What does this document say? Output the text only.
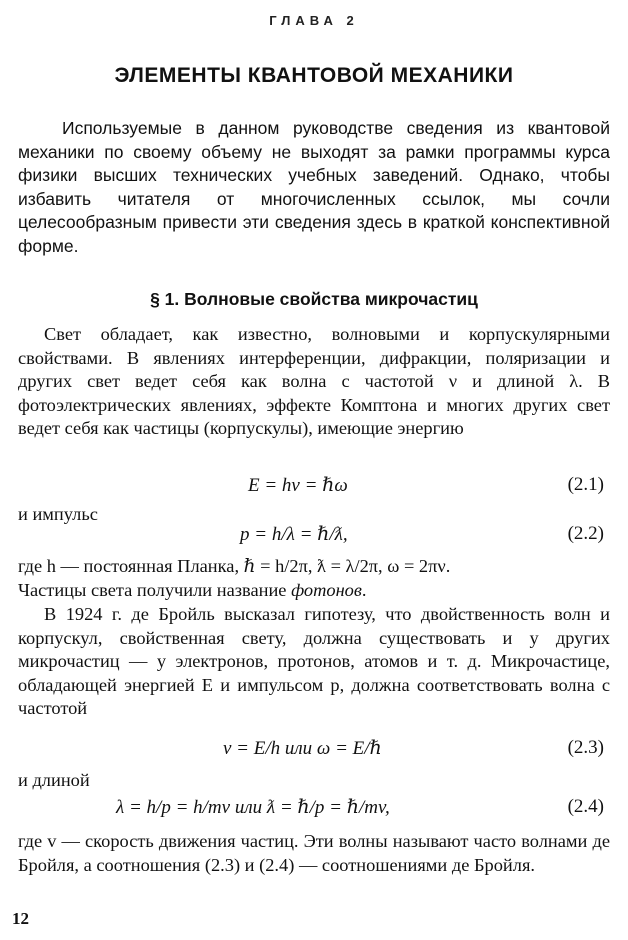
ГЛАВА 2
ЭЛЕМЕНТЫ КВАНТОВОЙ МЕХАНИКИ

Используемые в данном руководстве сведения из квантовой механики по своему объему не выходят за рамки программы курса физики высших технических учебных заведений. Однако, чтобы избавить читателя от многочисленных ссылок, мы сочли целесообразным привести эти сведения здесь в краткой конспективной форме.

§ 1. Волновые свойства микрочастиц

Свет обладает, как известно, волновыми и корпускулярными свойствами. В явлениях интерференции, дифракции, поляризации и других свет ведет себя как волна с частотой ν и длиной λ. В фотоэлектрических явлениях, эффекте Комптона и многих других свет ведет себя как частицы (корпускулы), имеющие энергию

E = hν = ℏω	(2.1)

и импульс

p = h/λ = ℏ/ƛ,	(2.2)

где h — постоянная Планка, ℏ = h/2π, ƛ = λ/2π, ω = 2πν.
Частицы света получили название фотонов.

В 1924 г. де Бройль высказал гипотезу, что двойственность волн и корпускул, свойственная свету, должна существовать и у других микрочастиц — у электронов, протонов, атомов и т. д. Микрочастице, обладающей энергией E и импульсом p, должна соответствовать волна с частотой

ν = E/h или ω = E/ℏ	(2.3)

и длиной

λ = h/p = h/mv или ƛ = ℏ/p = ℏ/mv,	(2.4)

где v — скорость движения частиц. Эти волны называют часто волнами де Бройля, а соотношения (2.3) и (2.4) — соотношениями де Бройля.

12
